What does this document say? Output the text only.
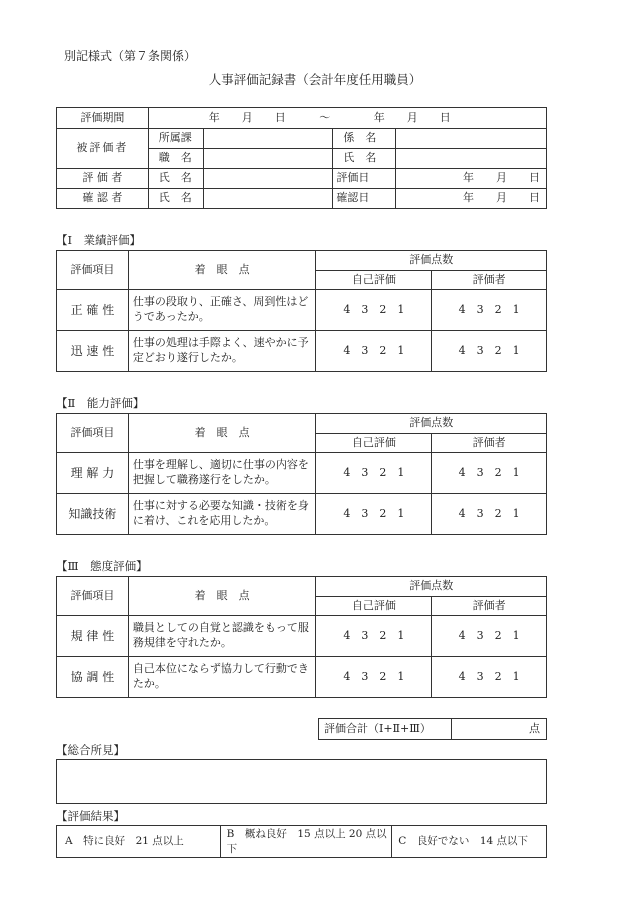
別記様式（第７条関係）
人事評価記録書（会計年度任用職員）
評価期間	年　　月　　日 ～ 年　　月　　日			
被評価者	所属課		係　名	
	職　名		氏　名	
評 価 者	氏　名		評価日	年　　月　　日
確 認 者	氏　名		確認日	年　　月　　日
【Ⅰ　業績評価】
評価項目	着　眼　点	評価点数	
		自己評価	評価者
正 確 性	仕事の段取り、正確さ、周到性はどうであったか。	4　3　2　1	4　3　2　1
迅 速 性	仕事の処理は手際よく、速やかに予定どおり遂行したか。	4　3　2　1	4　3　2　1
【Ⅱ　能力評価】
評価項目	着　眼　点	評価点数	
		自己評価	評価者
理 解 力	仕事を理解し、適切に仕事の内容を把握して職務遂行をしたか。	4　3　2　1	4　3　2　1
知識技術	仕事に対する必要な知識・技術を身に着け、これを応用したか。	4　3　2　1	4　3　2　1
【Ⅲ　態度評価】
評価項目	着　眼　点	評価点数	
		自己評価	評価者
規 律 性	職員としての自覚と認識をもって服務規律を守れたか。	4　3　2　1	4　3　2　1
協 調 性	自己本位にならず協力して行動できたか。	4　3　2　1	4　3　2　1
評価合計（Ⅰ+Ⅱ+Ⅲ）	点
【総合所見】
【評価結果】
A　特に良好　21 点以上	B　概ね良好　15 点以上 20 点以下	C　良好でない　14 点以下
